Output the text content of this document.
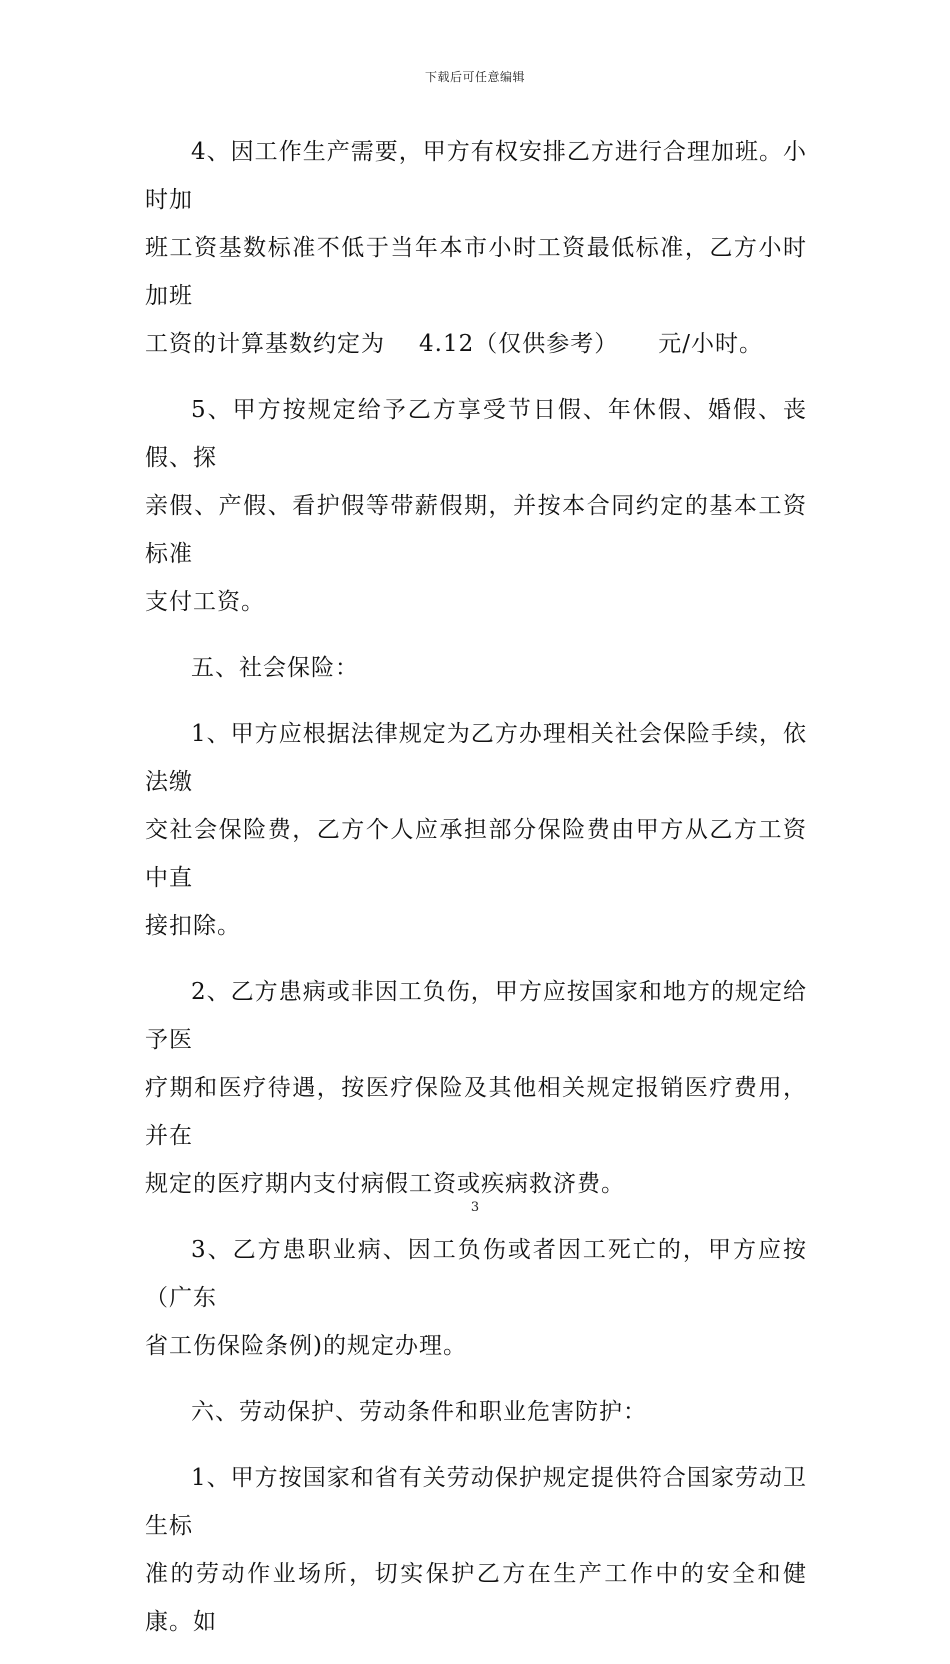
下载后可任意编辑

4、因工作生产需要，甲方有权安排乙方进行合理加班。小时加
班工资基数标准不低于当年本市小时工资最低标准，乙方小时加班
工资的计算基数约定为 4.12（仅供参考） 元/小时。

5、甲方按规定给予乙方享受节日假、年休假、婚假、丧假、探
亲假、产假、看护假等带薪假期，并按本合同约定的基本工资标准
支付工资。

五、社会保险：

1、甲方应根据法律规定为乙方办理相关社会保险手续，依法缴
交社会保险费，乙方个人应承担部分保险费由甲方从乙方工资中直
接扣除。

2、乙方患病或非因工负伤，甲方应按国家和地方的规定给予医
疗期和医疗待遇，按医疗保险及其他相关规定报销医疗费用，并在
规定的医疗期内支付病假工资或疾病救济费。

3、乙方患职业病、因工负伤或者因工死亡的，甲方应按（广东
省工伤保险条例)的规定办理。

六、劳动保护、劳动条件和职业危害防护：

1、甲方按国家和省有关劳动保护规定提供符合国家劳动卫生标
准的劳动作业场所，切实保护乙方在生产工作中的安全和健康。如

3
